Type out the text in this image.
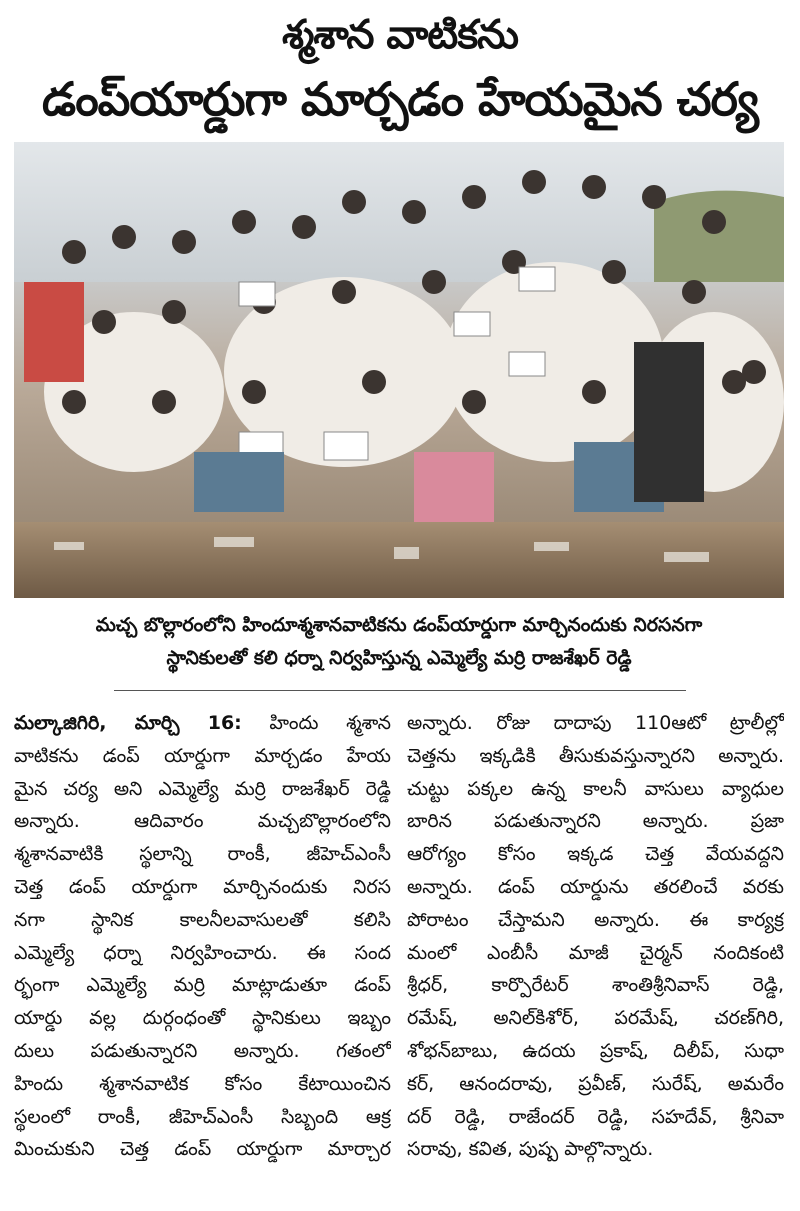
శ్మశాన వాటికను
డంప్‌యార్డుగా మార్చడం హేయమైన చర్య
మచ్చ బొల్లారంలోని హిందూశ్మశానవాటికను డంప్‌యార్డుగా మార్చినందుకు నిరసనగా
స్థానికులతో కలి ధర్నా నిర్వహిస్తున్న ఎమ్మెల్యే మర్రి రాజశేఖర్ రెడ్డి
మల్కాజిగిరి, మార్చి 16: హిందు శ్మశాన
వాటికను డంప్ యార్డుగా మార్చడం హేయ
మైన చర్య అని ఎమ్మెల్యే మర్రి రాజశేఖర్ రెడ్డి
అన్నారు. ఆదివారం మచ్చబొల్లారంలోని
శ్మశానవాటికి స్థలాన్ని రాంకీ, జీహెచ్ఎంసీ
చెత్త డంప్ యార్డుగా మార్చినందుకు నిరస
నగా స్థానిక కాలనీలవాసులతో కలిసి
ఎమ్మెల్యే ధర్నా నిర్వహించారు. ఈ సంద
ర్భంగా ఎమ్మెల్యే మర్రి మాట్లాడుతూ డంప్
యార్డు వల్ల దుర్గంధంతో స్థానికులు ఇబ్బం
దులు పడుతున్నారని అన్నారు. గతంలో
హిందు శ్మశానవాటిక కోసం కేటాయించిన
స్థలంలో రాంకీ, జీహెచ్ఎంసీ సిబ్బంది ఆక్ర
మించుకుని చెత్త డంప్ యార్డుగా మార్చార
అన్నారు. రోజు దాదాపు 110ఆటో ట్రాలీల్లో
చెత్తను ఇక్కడికి తీసుకువస్తున్నారని అన్నారు.
చుట్టు పక్కల ఉన్న కాలనీ వాసులు వ్యాధుల
బారిన పడుతున్నారని అన్నారు. ప్రజా
ఆరోగ్యం కోసం ఇక్కడ చెత్త వేయవద్దని
అన్నారు. డంప్ యార్డును తరలించే వరకు
పోరాటం చేస్తామని అన్నారు. ఈ కార్యక్ర
మంలో ఎంబీసీ మాజీ చైర్మన్ నందికంటి
శ్రీధర్, కార్పొరేటర్ శాంతిశ్రీనివాస్ రెడ్డి,
రమేష్, అనిల్‌కిశోర్, పరమేష్, చరణ్‌గిరి,
శోభన్‌బాబు, ఉదయ ప్రకాష్, దిలీప్, సుధా
కర్, ఆనందరావు, ప్రవీణ్, సురేష్, అమరేం
దర్ రెడ్డి, రాజేందర్ రెడ్డి, సహదేవ్, శ్రీనివా
సరావు, కవిత, పుష్ప పాల్గొన్నారు.
